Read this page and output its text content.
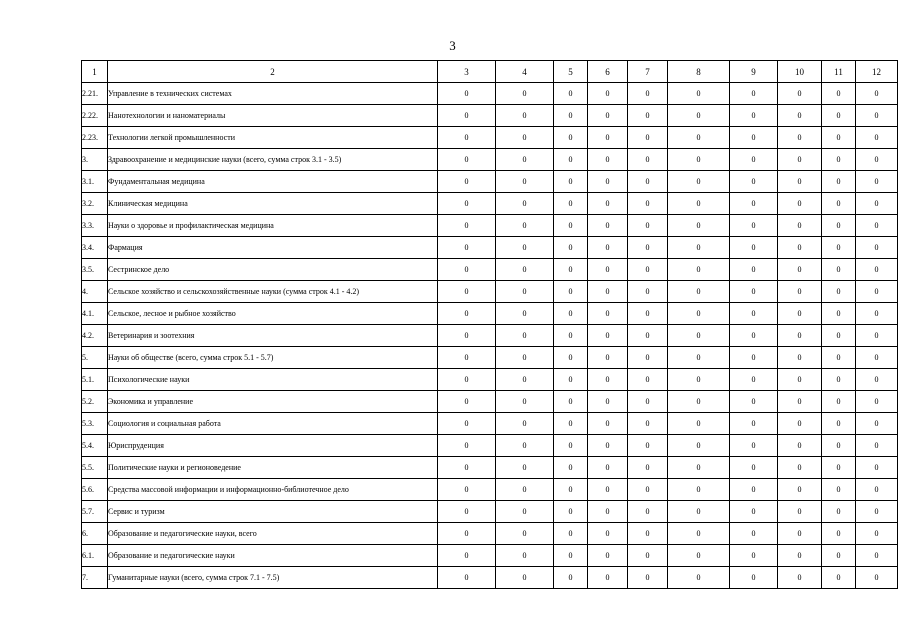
3
1	2	3	4	5	6	7	8	9	10	11	12
2.21.	Управление в технических системах	0	0	0	0	0	0	0	0	0	0
2.22.	Нанотехнологии и наноматериалы	0	0	0	0	0	0	0	0	0	0
2.23.	Технологии легкой промышленности	0	0	0	0	0	0	0	0	0	0
3.	Здравоохранение и медицинские науки (всего, сумма строк 3.1 - 3.5)	0	0	0	0	0	0	0	0	0	0
3.1.	Фундаментальная медицина	0	0	0	0	0	0	0	0	0	0
3.2.	Клиническая медицина	0	0	0	0	0	0	0	0	0	0
3.3.	Науки о здоровье и профилактическая медицина	0	0	0	0	0	0	0	0	0	0
3.4.	Фармация	0	0	0	0	0	0	0	0	0	0
3.5.	Сестринское дело	0	0	0	0	0	0	0	0	0	0
4.	Сельское хозяйство и сельскохозяйственные науки (сумма строк 4.1 - 4.2)	0	0	0	0	0	0	0	0	0	0
4.1.	Сельское, лесное и рыбное хозяйство	0	0	0	0	0	0	0	0	0	0
4.2.	Ветеринария и зоотехния	0	0	0	0	0	0	0	0	0	0
5.	Науки об обществе (всего, сумма строк 5.1 - 5.7)	0	0	0	0	0	0	0	0	0	0
5.1.	Психологические науки	0	0	0	0	0	0	0	0	0	0
5.2.	Экономика и управление	0	0	0	0	0	0	0	0	0	0
5.3.	Социология и социальная работа	0	0	0	0	0	0	0	0	0	0
5.4.	Юриспруденция	0	0	0	0	0	0	0	0	0	0
5.5.	Политические науки и регионоведение	0	0	0	0	0	0	0	0	0	0
5.6.	Средства массовой информации и информационно-библиотечное дело	0	0	0	0	0	0	0	0	0	0
5.7.	Сервис и туризм	0	0	0	0	0	0	0	0	0	0
6.	Образование и педагогические науки, всего	0	0	0	0	0	0	0	0	0	0
6.1.	Образование и педагогические науки	0	0	0	0	0	0	0	0	0	0
7.	Гуманитарные науки (всего, сумма строк 7.1 - 7.5)	0	0	0	0	0	0	0	0	0	0
